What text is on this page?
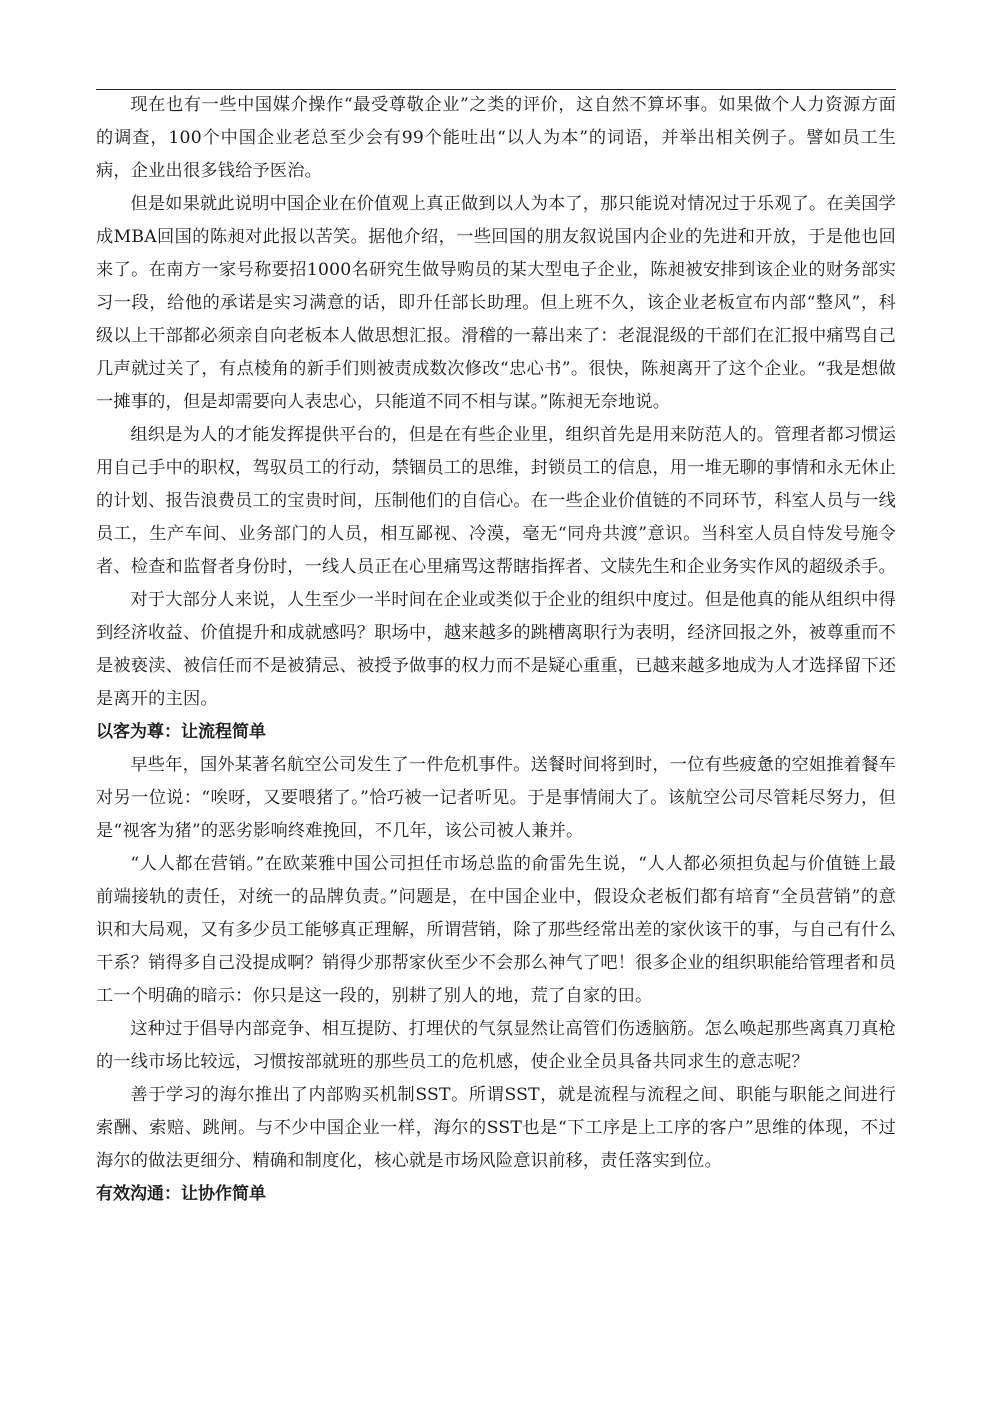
现在也有一些中国媒介操作“最受尊敬企业”之类的评价，这自然不算坏事。如果做个人力资源方面的调查，100个中国企业老总至少会有99个能吐出“以人为本”的词语，并举出相关例子。譬如员工生病，企业出很多钱给予医治。

但是如果就此说明中国企业在价值观上真正做到以人为本了，那只能说对情况过于乐观了。在美国学成MBA回国的陈昶对此报以苦笑。据他介绍，一些回国的朋友叙说国内企业的先进和开放，于是他也回来了。在南方一家号称要招1000名研究生做导购员的某大型电子企业，陈昶被安排到该企业的财务部实习一段，给他的承诺是实习满意的话，即升任部长助理。但上班不久，该企业老板宣布内部“整风”，科级以上干部都必须亲自向老板本人做思想汇报。滑稽的一幕出来了：老混混级的干部们在汇报中痛骂自己几声就过关了，有点棱角的新手们则被责成数次修改“忠心书”。很快，陈昶离开了这个企业。“我是想做一摊事的，但是却需要向人表忠心，只能道不同不相与谋。”陈昶无奈地说。

组织是为人的才能发挥提供平台的，但是在有些企业里，组织首先是用来防范人的。管理者都习惯运用自己手中的职权，驾驭员工的行动，禁锢员工的思维，封锁员工的信息，用一堆无聊的事情和永无休止的计划、报告浪费员工的宝贵时间，压制他们的自信心。在一些企业价值链的不同环节，科室人员与一线员工，生产车间、业务部门的人员，相互鄙视、冷漠，毫无“同舟共渡”意识。当科室人员自恃发号施令者、检查和监督者身份时，一线人员正在心里痛骂这帮瞎指挥者、文牍先生和企业务实作风的超级杀手。

对于大部分人来说，人生至少一半时间在企业或类似于企业的组织中度过。但是他真的能从组织中得到经济收益、价值提升和成就感吗？职场中，越来越多的跳槽离职行为表明，经济回报之外，被尊重而不是被亵渎、被信任而不是被猜忌、被授予做事的权力而不是疑心重重，已越来越多地成为人才选择留下还是离开的主因。

以客为尊：让流程简单

早些年，国外某著名航空公司发生了一件危机事件。送餐时间将到时，一位有些疲惫的空姐推着餐车对另一位说：“唉呀，又要喂猪了。”恰巧被一记者听见。于是事情闹大了。该航空公司尽管耗尽努力，但是“视客为猪”的恶劣影响终难挽回，不几年，该公司被人兼并。

“人人都在营销。”在欧莱雅中国公司担任市场总监的俞雷先生说，“人人都必须担负起与价值链上最前端接轨的责任，对统一的品牌负责。”问题是，在中国企业中，假设众老板们都有培育“全员营销”的意识和大局观，又有多少员工能够真正理解，所谓营销，除了那些经常出差的家伙该干的事，与自己有什么干系？销得多自己没提成啊？销得少那帮家伙至少不会那么神气了吧！很多企业的组织职能给管理者和员工一个明确的暗示：你只是这一段的，别耕了别人的地，荒了自家的田。

这种过于倡导内部竞争、相互提防、打埋伏的气氛显然让高管们伤透脑筋。怎么唤起那些离真刀真枪的一线市场比较远，习惯按部就班的那些员工的危机感，使企业全员具备共同求生的意志呢？

善于学习的海尔推出了内部购买机制SST。所谓SST，就是流程与流程之间、职能与职能之间进行索酬、索赔、跳闸。与不少中国企业一样，海尔的SST也是“下工序是上工序的客户”思维的体现，不过海尔的做法更细分、精确和制度化，核心就是市场风险意识前移，责任落实到位。

有效沟通：让协作简单
